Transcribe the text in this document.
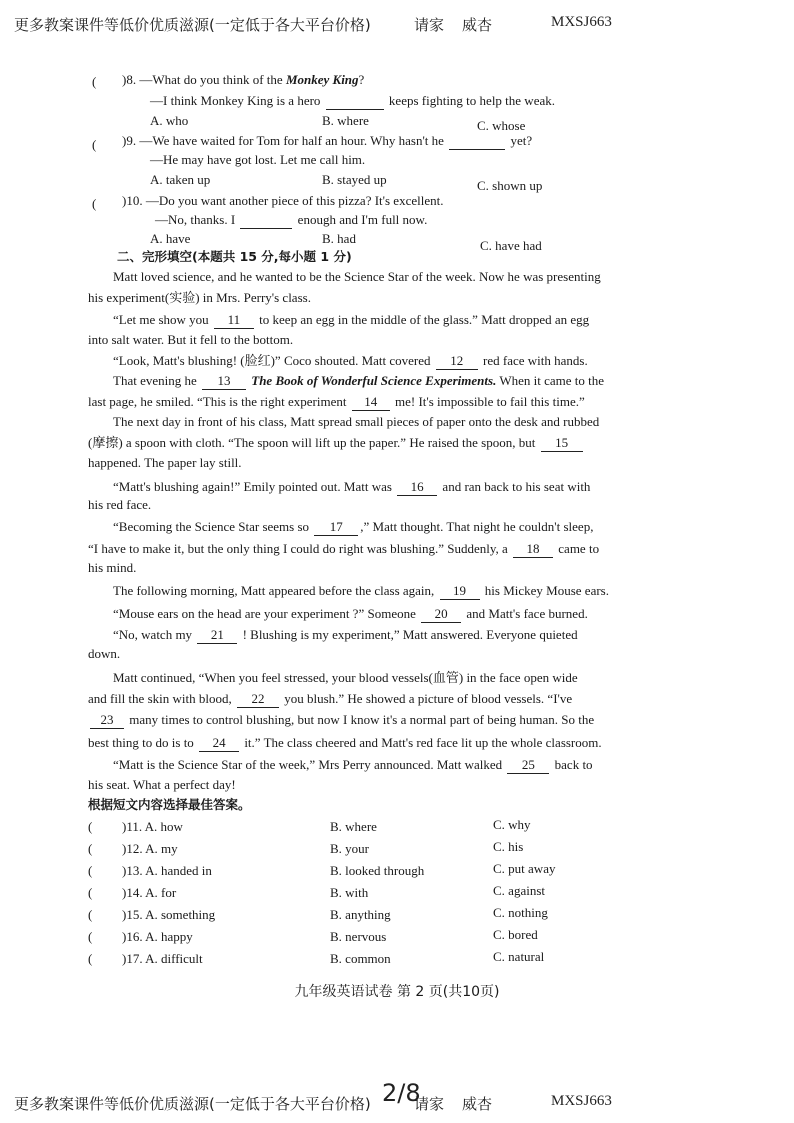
更多教案课件等低价优质滋源(一定低于各大平台价格)	请家 威杏	MXSJ663
( )8. —What do you think of the Monkey King?
—I think Monkey King is a hero	keeps fighting to help the weak.
A. who	B. where	C. whose
( )9. —We have waited for Tom for half an hour. Why hasn't he	yet?
—He may have got lost. Let me call him.
A. taken up	B. stayed up	C. shown up
( )10. —Do you want another piece of this pizza? It's excellent.
—No, thanks. I	enough and I'm full now.
A. have	B. had	C. have had
二、完形填空(本题共 15 分,每小题 1 分)
Matt loved science, and he wanted to be the Science Star of the week. Now he was presenting
his experiment(实验) in Mrs. Perry's class.
“Let me show you 11 to keep an egg in the middle of the glass.” Matt dropped an egg
into salt water. But it fell to the bottom.
“Look, Matt's blushing! (脸红)” Coco shouted. Matt covered 12 red face with hands.
That evening he 13 The Book of Wonderful Science Experiments. When it came to the
last page, he smiled. “This is the right experiment 14 me! It's impossible to fail this time.”
The next day in front of his class, Matt spread small pieces of paper onto the desk and rubbed
(摩擦) a spoon with cloth. “The spoon will lift up the paper.” He raised the spoon, but 15
happened. The paper lay still.
“Matt's blushing again!” Emily pointed out. Matt was 16 and ran back to his seat with
his red face.
“Becoming the Science Star seems so 17 ,” Matt thought. That night he couldn't sleep,
“I have to make it, but the only thing I could do right was blushing.” Suddenly, a 18 came to
his mind.
The following morning, Matt appeared before the class again, 19 his Mickey Mouse ears.
“Mouse ears on the head are your experiment ?” Someone 20 and Matt's face burned.
“No, watch my 21 ! Blushing is my experiment,” Matt answered. Everyone quieted
down.
Matt continued, “When you feel stressed, your blood vessels(血管) in the face open wide
and fill the skin with blood, 22 you blush.” He showed a picture of blood vessels. “I've
23 many times to control blushing, but now I know it's a normal part of being human. So the
best thing to do is to 24 it.” The class cheered and Matt's red face lit up the whole classroom.
“Matt is the Science Star of the week,” Mrs Perry announced. Matt walked 25 back to
his seat. What a perfect day!
根据短文内容选择最佳答案。
( )11. A. how	B. where	C. why
( )12. A. my	B. your	C. his
( )13. A. handed in	B. looked through	C. put away
( )14. A. for	B. with	C. against
( )15. A. something	B. anything	C. nothing
( )16. A. happy	B. nervous	C. bored
( )17. A. difficult	B. common	C. natural
九年级英语试卷 第 2 页(共10页)
2/8
更多教案课件等低价优质滋源(一定低于各大平台价格)	请家 威杏	MXSJ663
